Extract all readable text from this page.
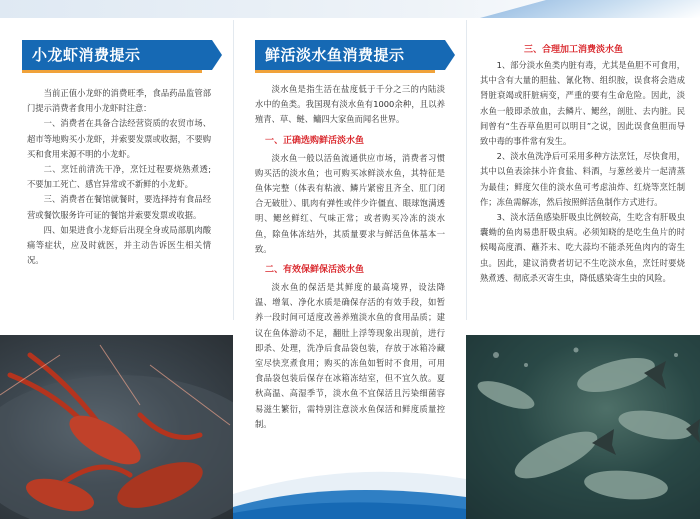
小龙虾消费提示

当前正值小龙虾的消费旺季，食品药品监管部门提示消费者食用小龙虾时注意：

一、消费者在具备合法经营资质的农贸市场、超市等地购买小龙虾，并索要发票或收据，不要购买和食用来源不明的小龙虾。

二、烹饪前清洗干净，烹饪过程要烧熟煮透;不要加工死亡、感官异常或不新鲜的小龙虾。

三、消费者在餐馆就餐时，要选择持有食品经营或餐饮服务许可证的餐馆并索要发票或收据。

四、如果进食小龙虾后出现全身或局部肌肉酸痛等症状，应及时就医，并主动告诉医生相关情况。

鲜活淡水鱼消费提示

淡水鱼是指生活在盐度低于千分之三的内陆淡水中的鱼类。我国现有淡水鱼有1000余种，且以养殖青、草、鲢、鳙四大家鱼而闻名世界。

一、正确选购鲜活淡水鱼

淡水鱼一般以活鱼流通供应市场，消费者习惯购买活的淡水鱼；也可购买冰鲜淡水鱼，其特征是鱼体完整（体表有粘液、鳞片紧密且齐全、肛门闭合无破肚）、肌肉有弹性或伴少许僵直、眼球饱满透明、鳃丝鲜红、气味正常；或者购买冷冻的淡水鱼，除鱼体冻结外，其质量要求与鲜活鱼体基本一致。

二、有效保鲜保活淡水鱼

淡水鱼的保活是其鲜度的最高境界，设法降温、增氧、净化水质是确保存活的有效手段，如暂养一段时间可适度改善养殖淡水鱼的食用品质；建议在鱼体游动不足，翻肚上浮等现象出现前，进行即杀、处理，洗净后食品袋包装，存放于冰箱冷藏室尽快烹煮食用；购买的冻鱼如暂时不食用，可用食品袋包装后保存在冰箱冻结室，但不宜久放。夏秋高温、高湿季节，淡水鱼不宜保活且污染细菌容易滋生繁衍，需特别注意淡水鱼保活和鲜度质量控制。

三、合理加工消费淡水鱼

1、部分淡水鱼类内脏有毒，尤其是鱼胆不可食用，其中含有大量的胆盐、氰化物、组织胺，误食将会造成肾脏衰竭或肝脏病变，严重的要有生命危险。因此，淡水鱼一般即杀放血，去鳞片、鳃丝，剖肚、去内脏。民间曾有“生吞草鱼胆可以明目”之说，因此误食鱼胆而导致中毒的事件常有发生。

2、淡水鱼洗净后可采用多种方法烹饪，尽快食用，其中以鱼表涂抹小许食盐、料酒，与葱丝姜片一起清蒸为最佳；鲜度欠佳的淡水鱼可考虑油炸、红烧等烹饪制作；冻鱼需解冻，然后按照鲜活鱼制作方式进行。

3、淡水活鱼感染肝吸虫比例较高，生吃含有肝吸虫囊蚴的鱼肉易患肝吸虫病。必须知晓的是吃生鱼片的时候喝高度酒、蘸芥末、吃大蒜均不能杀死鱼肉内的寄生虫。因此，建议消费者切记不生吃淡水鱼，烹饪时要烧熟煮透、彻底杀灭寄生虫，降低感染寄生虫的风险。
